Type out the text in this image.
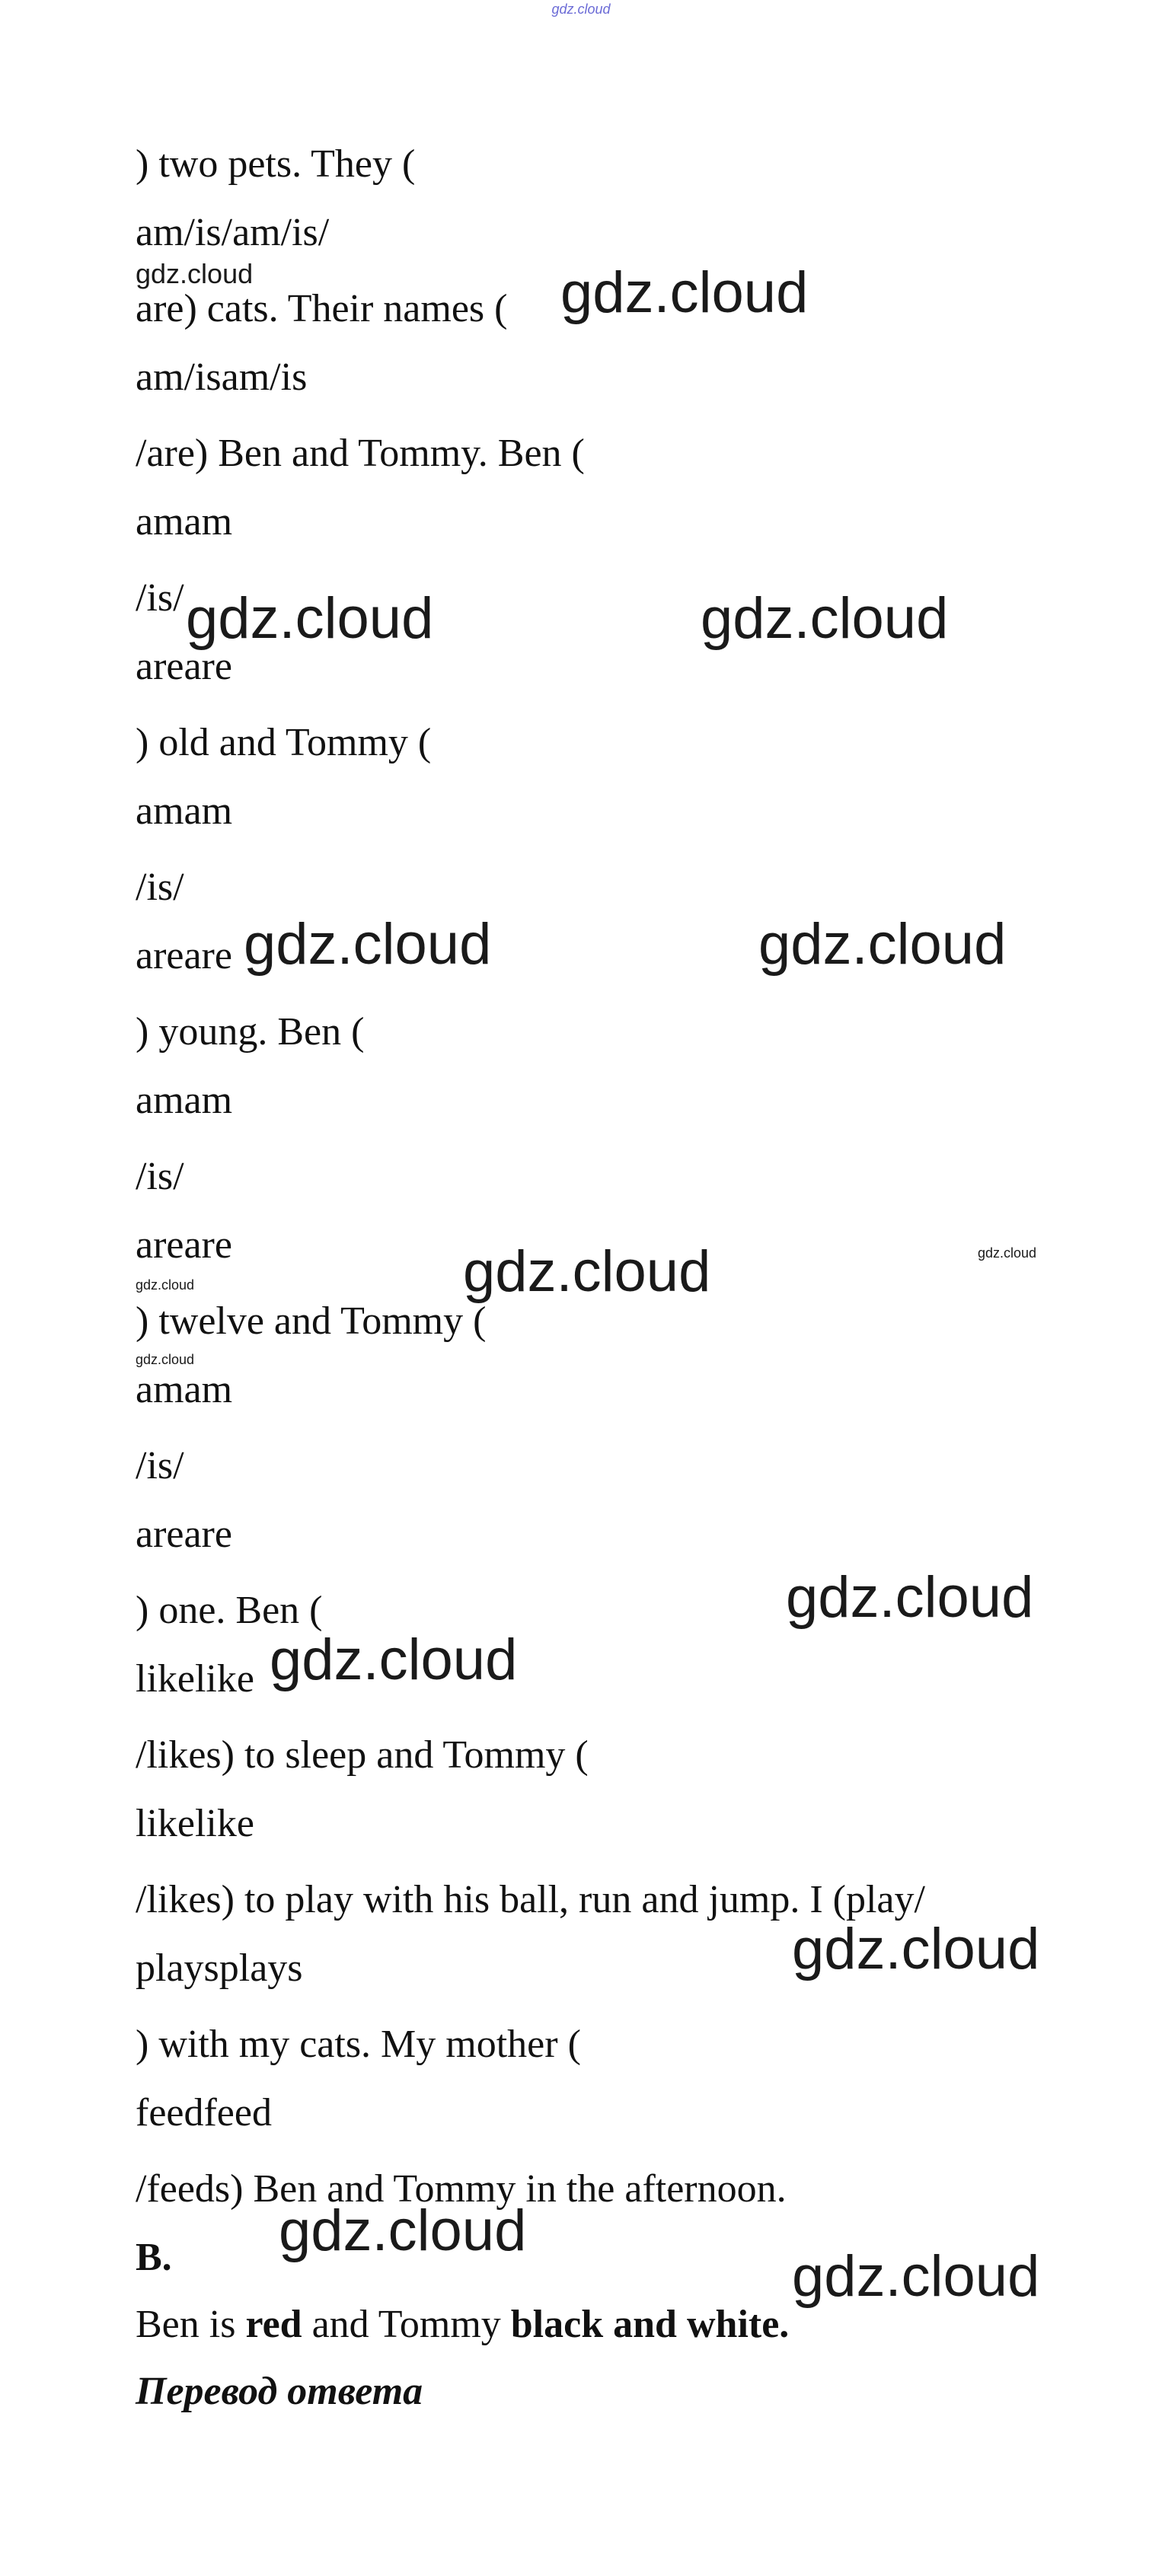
gdz.cloud
) two pets. They (
am/is/am/is/
are) cats. Their names (
am/isam/is
/are) Ben and Tommy. Ben (
amam
/is/
areare
) old and Tommy (
amam
/is/
areare
) young. Ben (
amam
/is/
areare
) twelve and Tommy (
amam
/is/
areare
) one. Ben (
likelike
/likes) to sleep and Tommy (
likelike
/likes) to play with his ball, run and jump. I (play/
playsplays
) with my cats. My mother (
feedfeed
/feeds) Ben and Tommy in the afternoon.
B.
Ben is red and Tommy black and white.
Перевод ответа
gdz.cloud	gdz.cloud
gdz.cloud	gdz.cloud
gdz.cloud	gdz.cloud
gdz.cloud	gdz.cloud
gdz.cloud
gdz.cloud
gdz.cloud
gdz.cloud
gdz.cloud
gdz.cloud
gdz.cloud
